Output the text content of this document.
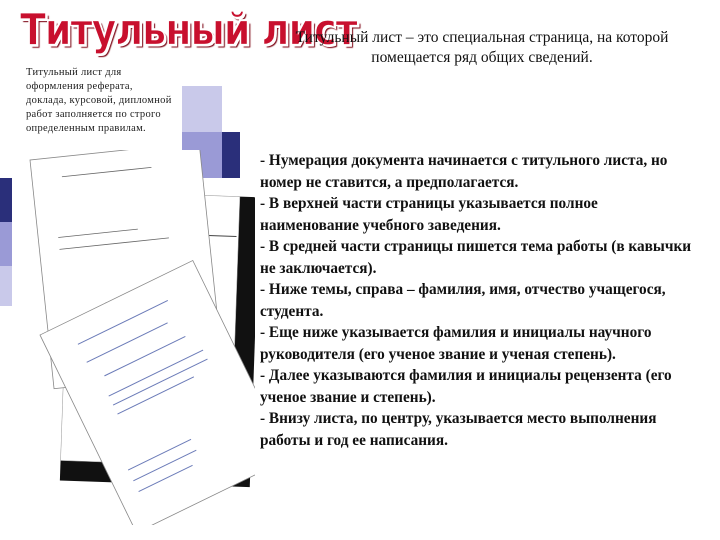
Титульный лист
Титульный лист для оформления реферата, доклада, курсовой, дипломной работ заполняется по строго определенным правилам.
Титульный лист – это специальная страница, на которой помещается ряд общих сведений.
- Нумерация документа начинается с титульного листа, но номер не ставится, а предполагается.
- В верхней части страницы указывается полное наименование учебного заведения.
- В средней части страницы пишется тема работы (в кавычки не заключается).
- Ниже темы, справа – фамилия, имя, отчество учащегося, студента.
- Еще ниже указывается фамилия и инициалы научного руководителя (его ученое звание и ученая степень).
- Далее указываются фамилия и инициалы рецензента (его ученое звание и степень).
- Внизу листа, по центру, указывается место выполнения работы и год ее написания.
